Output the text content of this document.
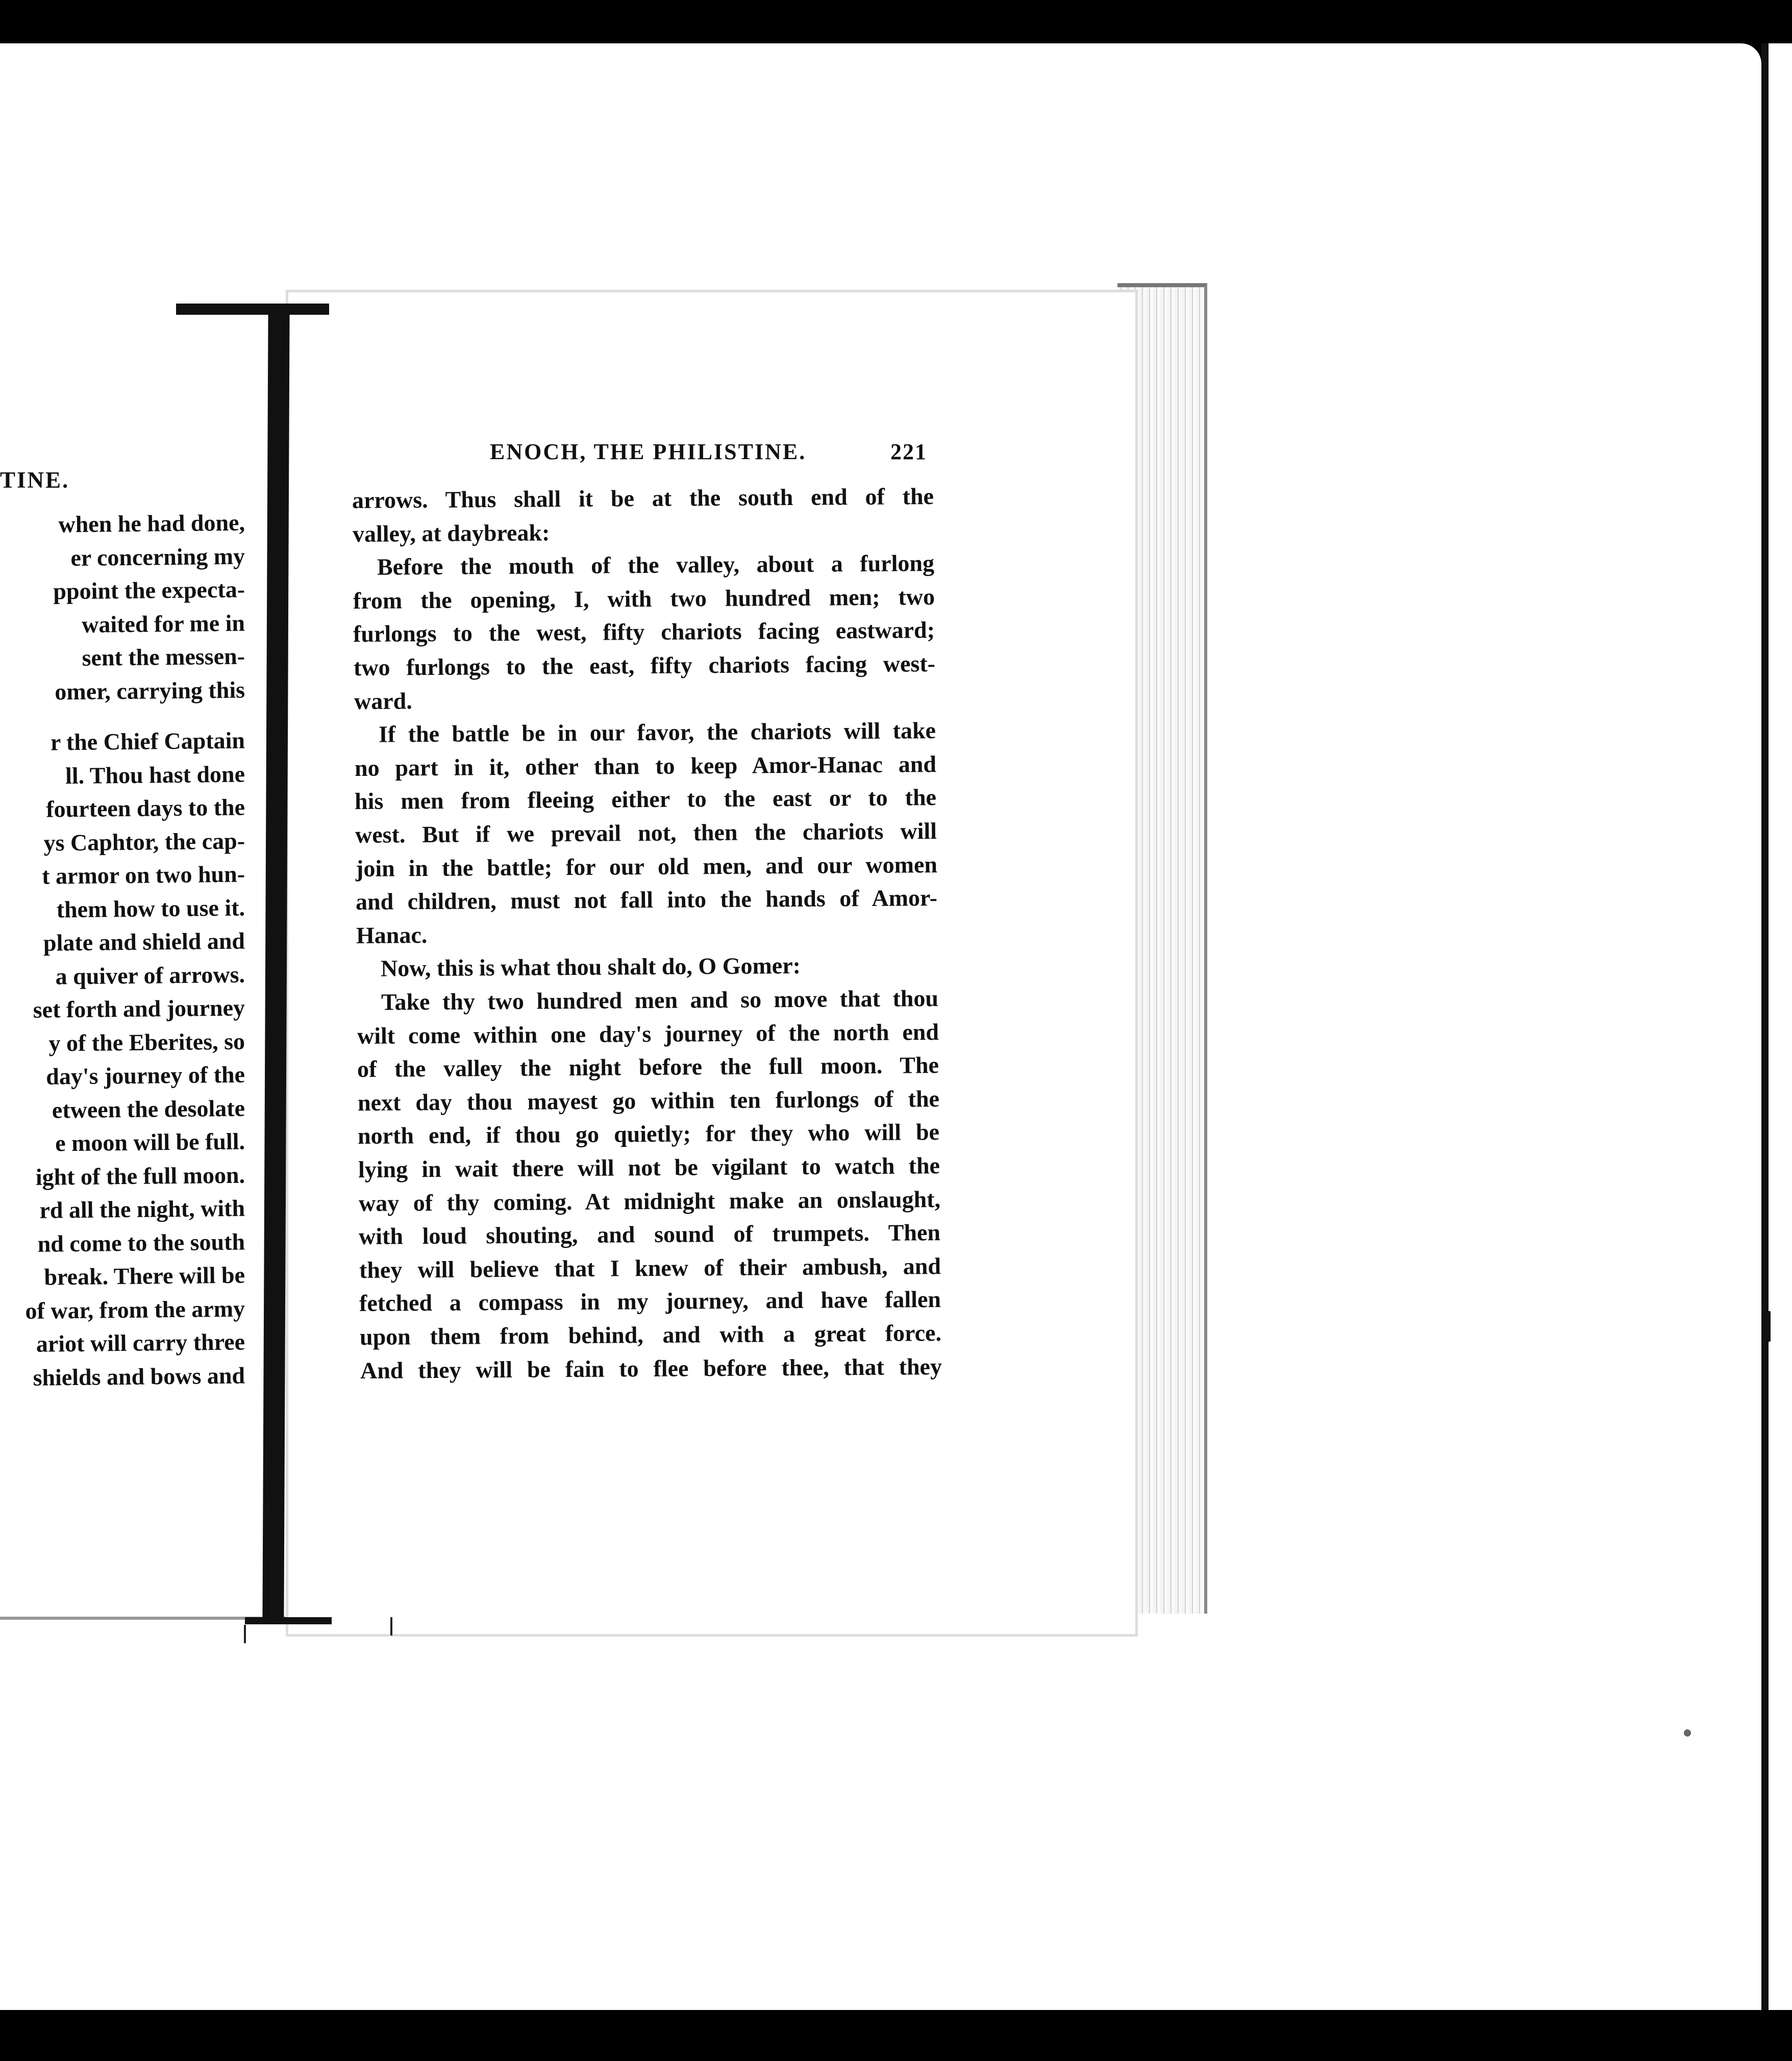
TINE.
when he had done,
er concerning my
ppoint the expecta-
waited for me in
sent the messen-
omer, carrying this
r the Chief Captain
ll. Thou hast done
fourteen days to the
ys Caphtor, the cap-
t armor on two hun-
them how to use it.
plate and shield and
a quiver of arrows.
set forth and journey
y of the Eberites, so
day's journey of the
etween the desolate
e moon will be full.
ight of the full moon.
rd all the night, with
nd come to the south
break. There will be
of war, from the army
ariot will carry three
shields and bows and
ENOCH, THE PHILISTINE.	221
arrows. Thus shall it be at the south end of the
valley, at daybreak:
Before the mouth of the valley, about a furlong
from the opening, I, with two hundred men; two
furlongs to the west, fifty chariots facing eastward;
two furlongs to the east, fifty chariots facing west-
ward.
If the battle be in our favor, the chariots will take
no part in it, other than to keep Amor-Hanac and
his men from fleeing either to the east or to the
west. But if we prevail not, then the chariots will
join in the battle; for our old men, and our women
and children, must not fall into the hands of Amor-
Hanac.
Now, this is what thou shalt do, O Gomer:
Take thy two hundred men and so move that thou
wilt come within one day's journey of the north end
of the valley the night before the full moon. The
next day thou mayest go within ten furlongs of the
north end, if thou go quietly; for they who will be
lying in wait there will not be vigilant to watch the
way of thy coming. At midnight make an onslaught,
with loud shouting, and sound of trumpets. Then
they will believe that I knew of their ambush, and
fetched a compass in my journey, and have fallen
upon them from behind, and with a great force.
And they will be fain to flee before thee, that they
